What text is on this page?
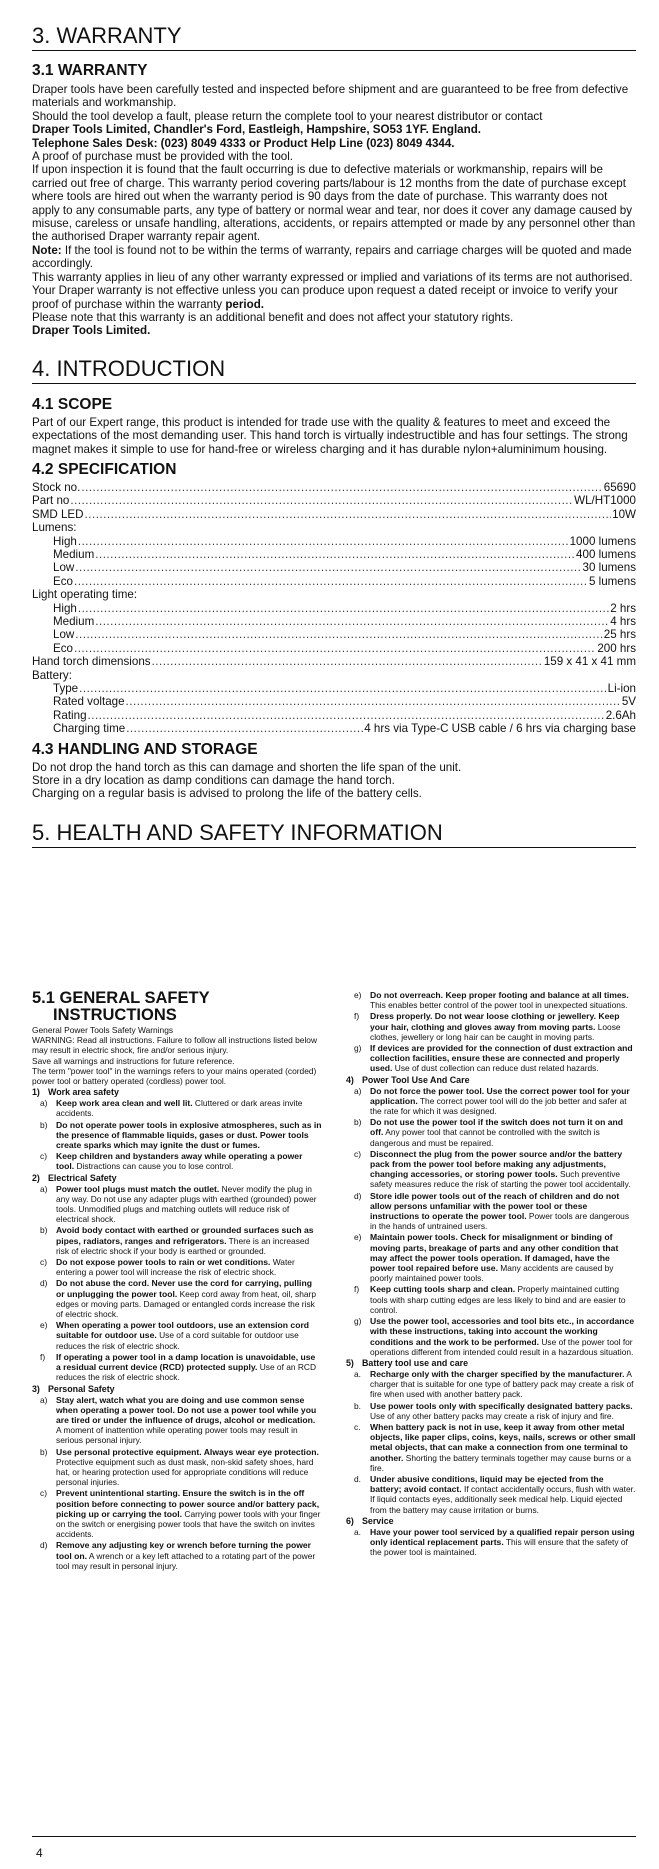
3. WARRANTY
3.1 WARRANTY

Draper tools have been carefully tested and inspected before shipment and are guaranteed to be free from defective materials and workmanship.

Should the tool develop a fault, please return the complete tool to your nearest distributor or contact

Draper Tools Limited, Chandler's Ford, Eastleigh, Hampshire, SO53 1YF. England.

Telephone Sales Desk: (023) 8049 4333 or Product Help Line (023) 8049 4344.

A proof of purchase must be provided with the tool.

If upon inspection it is found that the fault occurring is due to defective materials or workmanship, repairs will be carried out free of charge. This warranty period covering parts/labour is 12 months from the date of purchase except where tools are hired out when the warranty period is 90 days from the date of purchase. This warranty does not apply to any consumable parts, any type of battery or normal wear and tear, nor does it cover any damage caused by misuse, careless or unsafe handling, alterations, accidents, or repairs attempted or made by any personnel other than the authorised Draper warranty repair agent.

Note: If the tool is found not to be within the terms of warranty, repairs and carriage charges will be quoted and made accordingly.

This warranty applies in lieu of any other warranty expressed or implied and variations of its terms are not authorised.

Your Draper warranty is not effective unless you can produce upon request a dated receipt or invoice to verify your proof of purchase within the warranty period.

Please note that this warranty is an additional benefit and does not affect your statutory rights.

Draper Tools Limited.

4. INTRODUCTION
4.1 SCOPE

Part of our Expert range, this product is intended for trade use with the quality & features to meet and exceed the expectations of the most demanding user. This hand torch is virtually indestructible and has four settings. The strong magnet makes it simple to use for hand-free or wireless charging and it has durable nylon+aluminimum housing.

4.2 SPECIFICATION
Stock no. .....	65690
Part no .....	WL/HT1000
SMD LED .....	10W
Lumens:
High .....	1000 lumens
Medium .....	400 lumens
Low .....	30 lumens
Eco .....	5 lumens
Light operating time:
High .....	2 hrs
Medium .....	4 hrs
Low .....	25 hrs
Eco .....	200 hrs
Hand torch dimensions .....	159 x 41 x 41 mm
Battery:
Type .....	Li-ion
Rated voltage .....	5V
Rating .....	2.6Ah
Charging time .....	4 hrs via Type-C USB cable / 6 hrs via charging base
4.3 HANDLING AND STORAGE

Do not drop the hand torch as this can damage and shorten the life span of the unit.

Store in a dry location as damp conditions can damage the hand torch.

Charging on a regular basis is advised to prolong the life of the battery cells.

5. HEALTH AND SAFETY INFORMATION
5.1 GENERAL SAFETY
INSTRUCTIONS

General Power Tools Safety Warnings

WARNING: Read all instructions. Failure to follow all instructions listed below may result in electric shock, fire and/or serious injury.

Save all warnings and instructions for future reference.

The term "power tool" in the warnings refers to your mains operated (corded) power tool or battery operated (cordless) power tool.

1) Work area safety
a) Keep work area clean and well lit. Cluttered or dark areas invite accidents.
b) Do not operate power tools in explosive atmospheres, such as in the presence of flammable liquids, gases or dust. Power tools create sparks which may ignite the dust or fumes.
c)	Keep children and bystanders away while operating a power tool. Distractions can cause you to lose control.
2) Electrical Safety
a) Power tool plugs must match the outlet. Never modify the plug in any way. Do not use any adapter plugs with earthed (grounded) power tools. Unmodified plugs and matching outlets will reduce risk of electrical shock.
b) Avoid body contact with earthed or grounded surfaces such as pipes, radiators, ranges and refrigerators. There is an increased risk of electric shock if your body is earthed or grounded.
c)	Do not expose power tools to rain or wet conditions. Water entering a power tool will increase the risk of electric shock.
d) Do not abuse the cord. Never use the cord for carrying, pulling or unplugging the power tool. Keep cord away from heat, oil, sharp edges or moving parts. Damaged or entangled cords increase the risk of electric shock.
e) When operating a power tool outdoors, use an extension cord suitable for outdoor use. Use of a cord suitable for outdoor use reduces the risk of electric shock.
f)	If operating a power tool in a damp location is unavoidable, use a residual current device (RCD) protected supply. Use of an RCD reduces the risk of electric shock.
3) Personal Safety
a) Stay alert, watch what you are doing and use common sense when operating a power tool. Do not use a power tool while you are tired or under the influence of drugs, alcohol or medication. A moment of inattention while operating power tools may result in serious personal injury.
b) Use personal protective equipment. Always wear eye protection. Protective equipment such as dust mask, non-skid safety shoes, hard hat, or hearing protection used for appropriate conditions will reduce personal injuries.
c)	Prevent unintentional starting. Ensure the switch is in the off position before connecting to power source and/or battery pack, picking up or carrying the tool. Carrying power tools with your finger on the switch or energising power tools that have the switch on invites accidents.
d) Remove any adjusting key or wrench before turning the power tool on. A wrench or a key left attached to a rotating part of the power tool may result in personal injury.
e) Do not overreach. Keep proper footing and balance at all times. This enables better control of the power tool in unexpected situations.
f)	Dress properly. Do not wear loose clothing or jewellery. Keep your hair, clothing and gloves away from moving parts. Loose clothes, jewellery or long hair can be caught in moving parts.
g) If devices are provided for the connection of dust extraction and collection facilities, ensure these are connected and properly used. Use of dust collection can reduce dust related hazards.
4) Power Tool Use And Care
a) Do not force the power tool. Use the correct power tool for your application. The correct power tool will do the job better and safer at the rate for which it was designed.
b) Do not use the power tool if the switch does not turn it on and off. Any power tool that cannot be controlled with the switch is dangerous and must be repaired.
c)	Disconnect the plug from the power source and/or the battery pack from the power tool before making any adjustments, changing accessories, or storing power tools. Such preventive safety measures reduce the risk of starting the power tool accidentally.
d) Store idle power tools out of the reach of children and do not allow persons unfamiliar with the power tool or these instructions to operate the power tool. Power tools are dangerous in the hands of untrained users.
e) Maintain power tools. Check for misalignment or binding of moving parts, breakage of parts and any other condition that may affect the power tools operation. If damaged, have the power tool repaired before use. Many accidents are caused by poorly maintained power tools.
f)	Keep cutting tools sharp and clean. Properly maintained cutting tools with sharp cutting edges are less likely to bind and are easier to control.
g) Use the power tool, accessories and tool bits etc., in accordance with these instructions, taking into account the working conditions and the work to be performed. Use of the power tool for operations different from intended could result in a hazardous situation.
5) Battery tool use and care
a.	Recharge only with the charger specified by the manufacturer. A charger that is suitable for one type of battery pack may create a risk of fire when used with another battery pack.
b.	Use power tools only with specifically designated battery packs. Use of any other battery packs may create a risk of injury and fire.
c.	When battery pack is not in use, keep it away from other metal objects, like paper clips, coins, keys, nails, screws or other small metal objects, that can make a connection from one terminal to another. Shorting the battery terminals together may cause burns or a fire.
d.	Under abusive conditions, liquid may be ejected from the battery; avoid contact. If contact accidentally occurs, flush with water. If liquid contacts eyes, additionally seek medical help. Liquid ejected from the battery may cause irritation or burns.
6) Service
a.	Have your power tool serviced by a qualified repair person using only identical replacement parts. This will ensure that the safety of the power tool is maintained.
4
